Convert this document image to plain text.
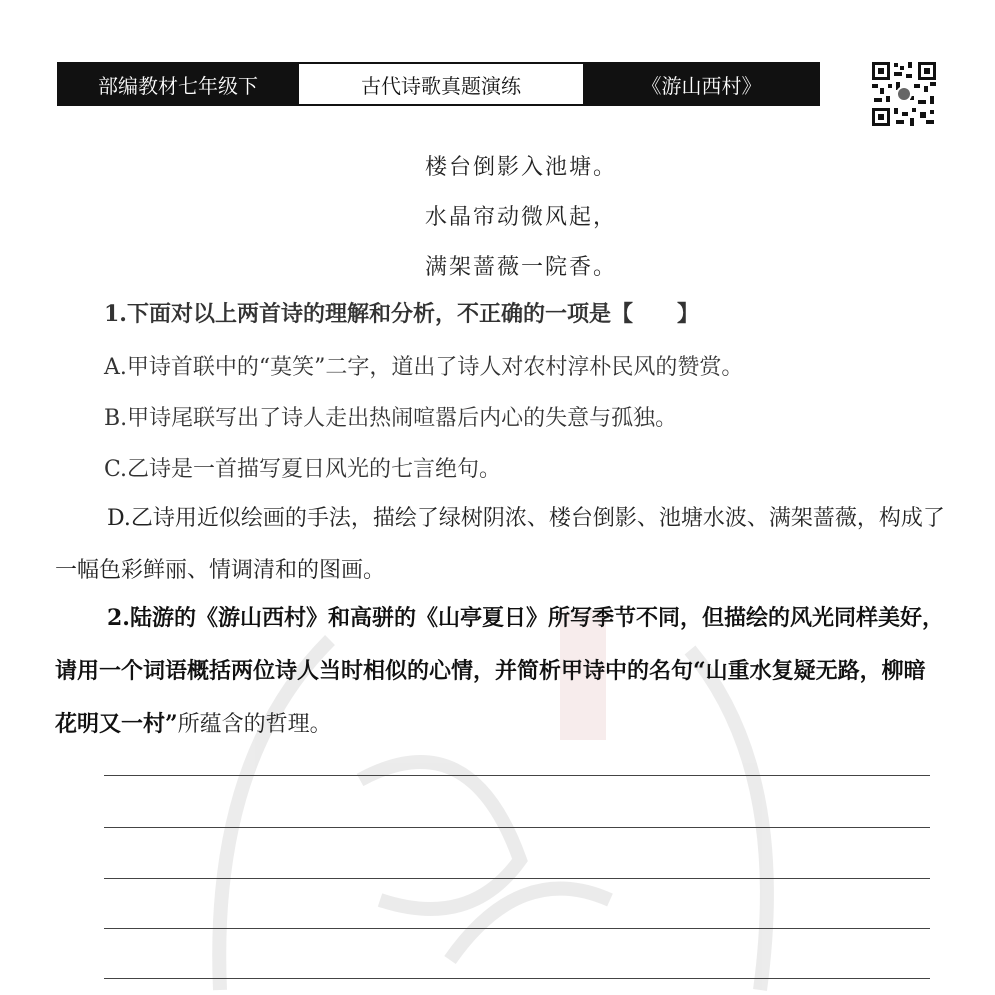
部编教材七年级下	古代诗歌真题演练	《游山西村》
楼台倒影入池塘。
水晶帘动微风起，
满架蔷薇一院香。

1.下面对以上两首诗的理解和分析，不正确的一项是【　　】

A.甲诗首联中的“莫笑”二字，道出了诗人对农村淳朴民风的赞赏。

B.甲诗尾联写出了诗人走出热闹喧嚣后内心的失意与孤独。

C.乙诗是一首描写夏日风光的七言绝句。

D.乙诗用近似绘画的手法，描绘了绿树阴浓、楼台倒影、池塘水波、满架蔷薇，构成了一幅色彩鲜丽、情调清和的图画。

2.陆游的《游山西村》和高骈的《山亭夏日》所写季节不同，但描绘的风光同样美好，请用一个词语概括两位诗人当时相似的心情，并简析甲诗中的名句“山重水复疑无路，柳暗花明又一村”所蕴含的哲理。
